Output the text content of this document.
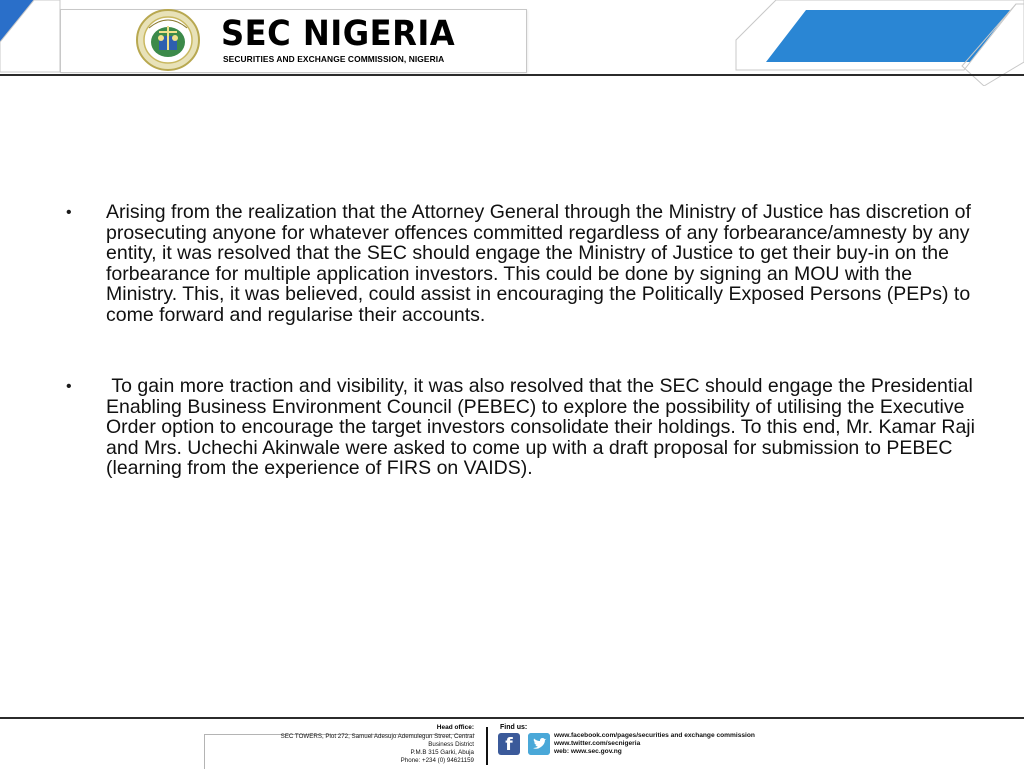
SEC NIGERIA
SECURITIES AND EXCHANGE COMMISSION, NIGERIA
• Arising from the realization that the Attorney General through the Ministry of Justice has discretion of prosecuting anyone for whatever offences committed regardless of any forbearance/amnesty by any entity, it was resolved that the SEC should engage the Ministry of Justice to get their buy-in on the forbearance for multiple application investors. This could be done by signing an MOU with the Ministry. This, it was believed, could assist in encouraging the Politically Exposed Persons (PEPs) to come forward and regularise their accounts.

• To gain more traction and visibility, it was also resolved that the SEC should engage the Presidential Enabling Business Environment Council (PEBEC) to explore the possibility of utilising the Executive Order option to encourage the target investors consolidate their holdings. To this end, Mr. Kamar Raji and Mrs. Uchechi Akinwale were asked to come up with a draft proposal for submission to PEBEC (learning from the experience of FIRS on VAIDS).

Head office:
SEC TOWERS, Plot 272, Samuel Adesujo Ademulegun Street, Central
Business District
P.M.B 315 Garki, Abuja
Phone: +234 (0) 94621159
Find us:
f	www.facebook.com/pages/securities and exchange commission
www.twitter.com/secnigeria
web: www.sec.gov.ng
